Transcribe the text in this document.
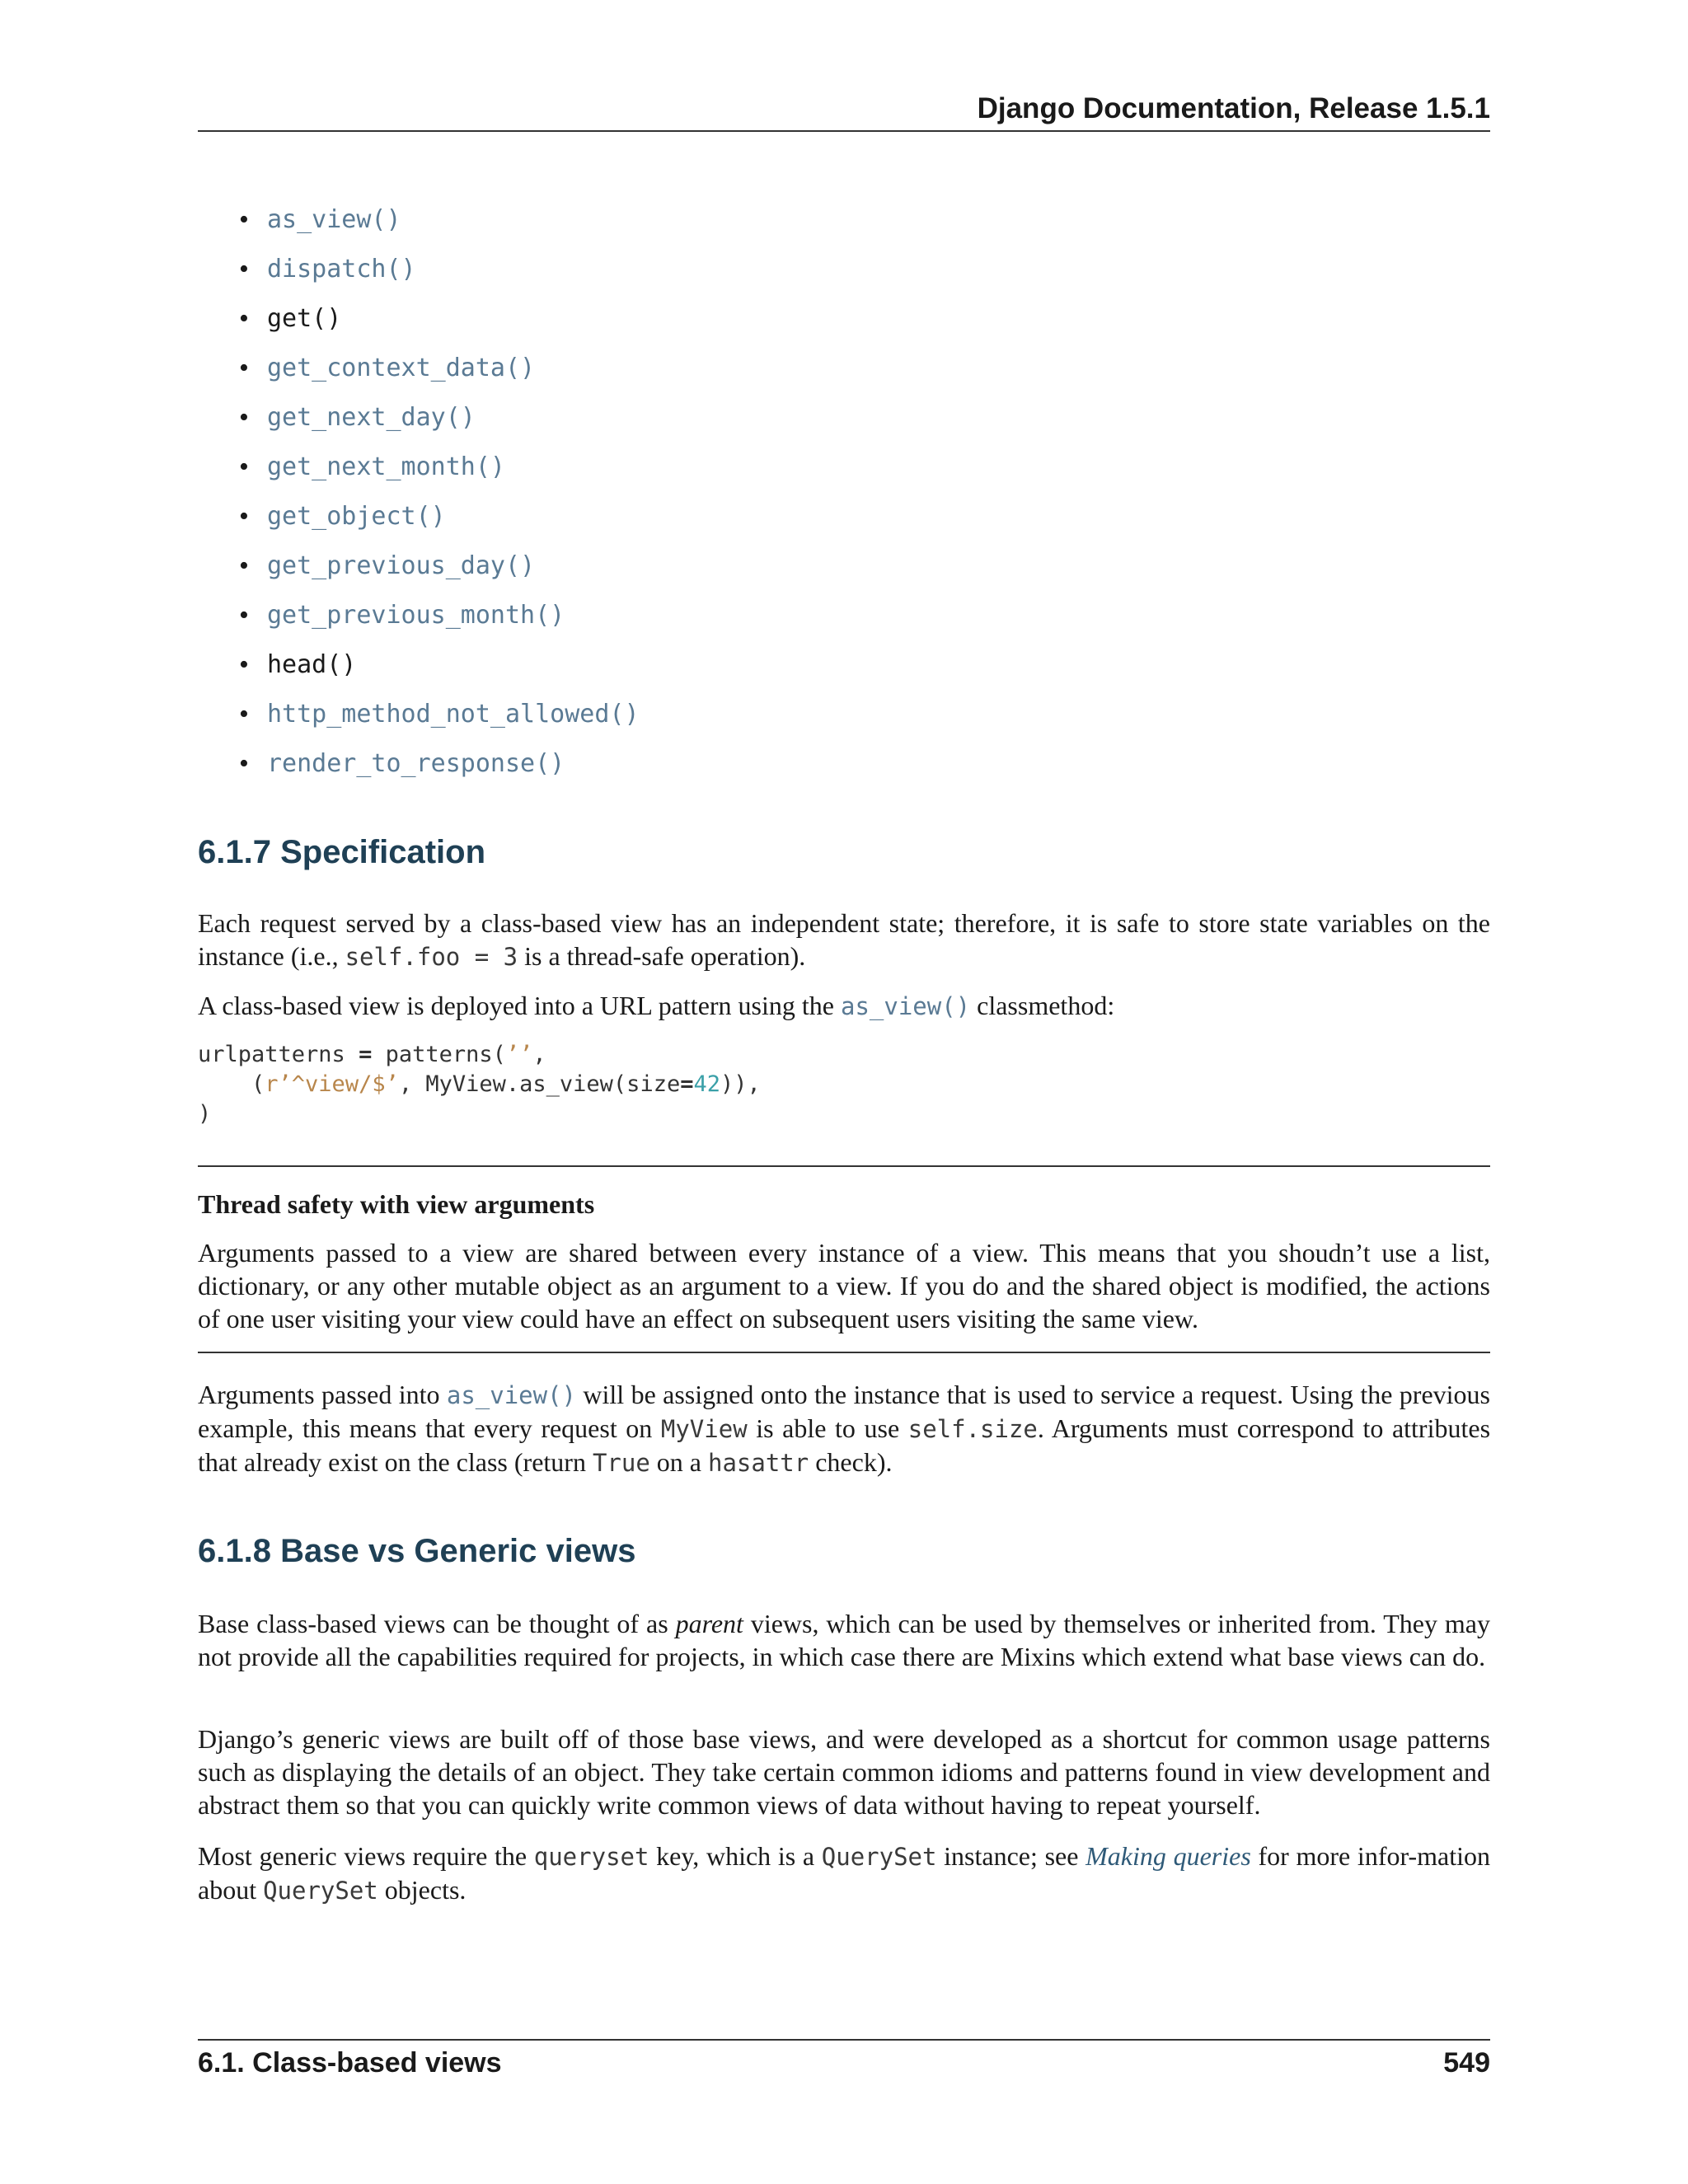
Django Documentation, Release 1.5.1
• as_view()
• dispatch()
• get()
• get_context_data()
• get_next_day()
• get_next_month()
• get_object()
• get_previous_day()
• get_previous_month()
• head()
• http_method_not_allowed()
• render_to_response()
6.1.7 Specification

Each request served by a class-based view has an independent state; therefore, it is safe to store state variables on the instance (i.e., self.foo = 3 is a thread-safe operation).

A class-based view is deployed into a URL pattern using the as_view() classmethod:

urlpatterns = patterns(’’,
(r’^view/$’, MyView.as_view(size=42)),
)
Thread safety with view arguments

Arguments passed to a view are shared between every instance of a view. This means that you shoudn’t use a list, dictionary, or any other mutable object as an argument to a view. If you do and the shared object is modified, the actions of one user visiting your view could have an effect on subsequent users visiting the same view.

Arguments passed into as_view() will be assigned onto the instance that is used to service a request. Using the previous example, this means that every request on MyView is able to use self.size. Arguments must correspond to attributes that already exist on the class (return True on a hasattr check).

6.1.8 Base vs Generic views

Base class-based views can be thought of as parent views, which can be used by themselves or inherited from. They may not provide all the capabilities required for projects, in which case there are Mixins which extend what base views can do.

Django’s generic views are built off of those base views, and were developed as a shortcut for common usage patterns such as displaying the details of an object. They take certain common idioms and patterns found in view development and abstract them so that you can quickly write common views of data without having to repeat yourself.

Most generic views require the queryset key, which is a QuerySet instance; see Making queries for more infor-mation about QuerySet objects.

6.1. Class-based views	549
